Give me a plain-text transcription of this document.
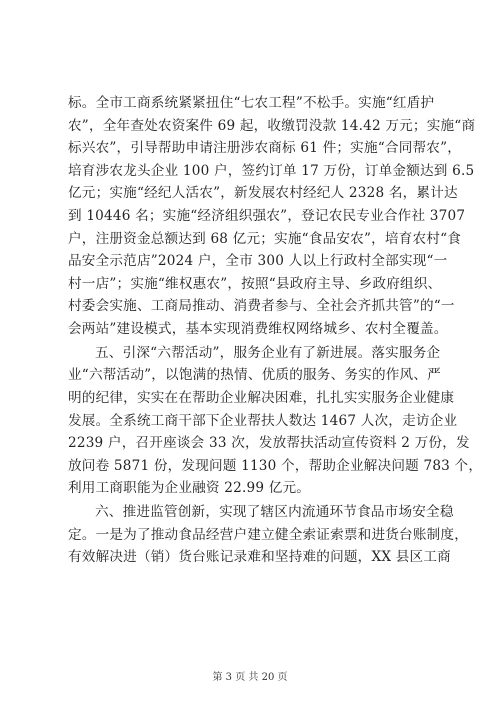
标。全市工商系统紧紧扭住“七农工程”不松手。实施“红盾护

农”，全年查处农资案件 69 起，收缴罚没款 14.42 万元；实施“商

标兴农”，引导帮助申请注册涉农商标 61 件；实施“合同帮农”，

培育涉农龙头企业 100 户，签约订单 17 万份，订单金额达到 6.5

亿元；实施“经纪人活农”，新发展农村经纪人 2328 名，累计达

到 10446 名；实施“经济组织强农”，登记农民专业合作社 3707

户，注册资金总额达到 68 亿元；实施“食品安农”，培育农村“食

品安全示范店”2024 户，全市 300 人以上行政村全部实现“一

村一店”；实施“维权惠农”，按照“县政府主导、乡政府组织、

村委会实施、工商局推动、消费者参与、全社会齐抓共管”的“一

会两站”建设模式，基本实现消费维权网络城乡、农村全覆盖。

五、引深“六帮活动”，服务企业有了新进展。落实服务企

业“六帮活动”，以饱满的热情、优质的服务、务实的作风、严

明的纪律，实实在在帮助企业解决困难，扎扎实实服务企业健康

发展。全系统工商干部下企业帮扶人数达 1467 人次，走访企业

2239 户，召开座谈会 33 次，发放帮扶活动宣传资料 2 万份，发

放问卷 5871 份，发现问题 1130 个，帮助企业解决问题 783 个，

利用工商职能为企业融资 22.99 亿元。

六、推进监管创新，实现了辖区内流通环节食品市场安全稳

定。一是为了推动食品经营户建立健全索证索票和进货台账制度，

有效解决进（销）货台账记录难和坚持难的问题，XX 县区工商

第 3 页 共 20 页
